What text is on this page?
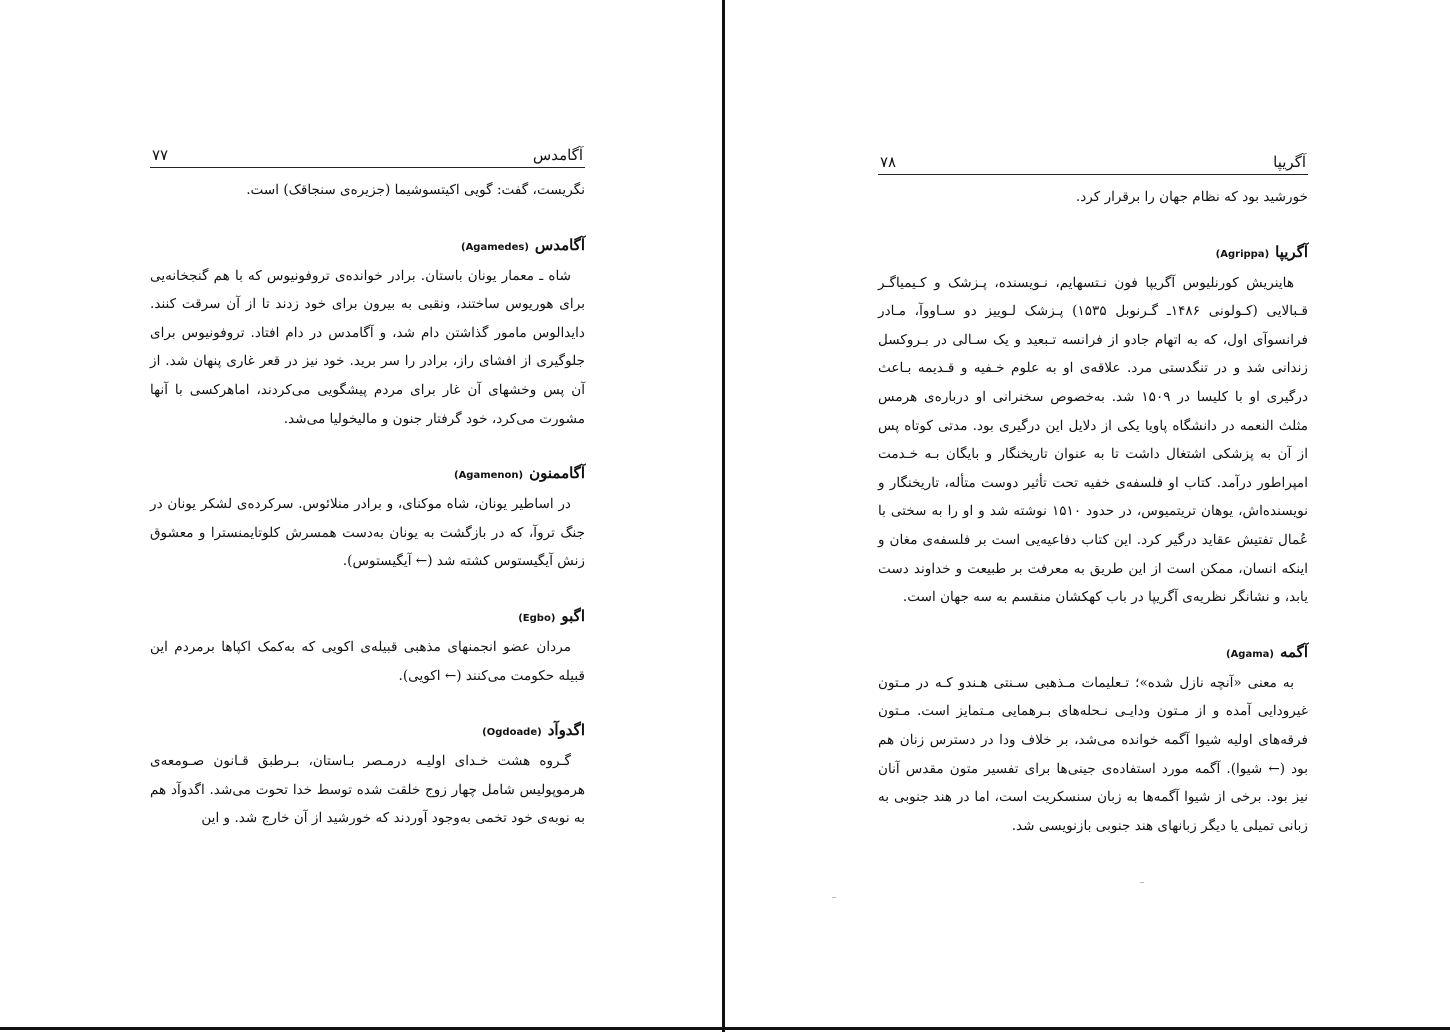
آگامدس
۷۷

نگریست، گفت: گویی اکیتسوشیما (جزیره‌ی سنجاقک) است.

آگامدس(Agamedes)

شاه ـ معمار یونان باستان. برادر خوانده‌ی تروفونیوس که با هم گنجخانه‌یی برای هوریوس ساختند، ونقبی به بیرون برای خود زدند تا از آن سرقت کنند. دایدالوس مامور گذاشتن دام شد، و آگامدس در دام افتاد. تروفونیوس برای جلوگیری از افشای راز، برادر را سر برید. خود نیز در قعر غاری پنهان شد. از آن پس وخشهای آن غار برای مردم پیشگویی می‌کردند، اماهرکسی با آنها مشورت می‌کرد، خود گرفتار جنون و مالیخولیا می‌شد.

آگاممنون(Agamenon)

در اساطیر یونان، شاه موکنای، و برادر منلائوس. سرکرده‌ی لشکر یونان در جنگ تروآ، که در بازگشت به یونان به‌دست همسرش کلوتایمنسترا و معشوق زنش آیگیستوس کشته شد (← آیگیستوس).

اگبو(Egbo)

مردان عضو انجمنهای مذهبی قبیله‌ی اکویی که به‌کمک اکپاها برمردم این قبیله حکومت می‌کنند (← اکویی).

اگدوآد(Ogdoade)

گـروه هشت خـدای اولیـه درمـصر بـاستان، بـرطبق قـانون صـومعه‌ی هرموپولیس شامل چهار زوج خلقت شده توسط خدا تحوت می‌شد. اگدوآد هم به نوبه‌ی خود تخمی به‌وجود آوردند که خورشید از آن خارج شد. و این

آگریپا
۷۸

خورشید بود که نظام جهان را برقرار کرد.

آگریپا(Agrippa)

هاینریش کورنلیوس آگریپا فون نـتسهایم، نـویسنده، پـزشک و کـیمیاگـر قـبالایی (کـولونی ۱۴۸۶ـ گـرنوبل ۱۵۳۵) پـزشک لـوییز دو سـاووآ، مـادر فرانسوآی اول، که به اتهام جادو از فرانسه تـبعید و یک سـالی در بـروکسل زندانی شد و در تنگدستی مرد. علاقه‌ی او به علوم خـفیه و قـدیمه بـاعث درگیری او با کلیسا در ۱۵۰۹ شد. به‌خصوص سخنرانی او درباره‌ی هرمس مثلث النعمه در دانشگاه پاویا یکی از دلایل این درگیری بود. مدتی کوتاه پس از آن به پزشکی اشتغال داشت تا به عنوان تاریخنگار و بایگان بـه خـدمت امپراطور درآمد. کتاب او فلسفه‌ی خفیه تحت تأثیر دوست متأله، تاریخنگار و نویسنده‌اش، یوهان تریتمیوس، در حدود ۱۵۱۰ نوشته شد و او را به سختی با عُمال تفتیش عقاید درگیر کرد. این کتاب دفاعیه‌یی است بر فلسفه‌ی مغان و اینکه انسان، ممکن است از این طریق به معرفت بر طبیعت و خداوند دست یابد، و نشانگر نظریه‌ی آگریپا در باب کهکشان منقسم به سه جهان است.

آگمه(Agama)

به معنی «آنچه نازل شده»؛ تـعلیمات مـذهبی سـنتی هـندو کـه در مـتون غیرودایی آمده و از مـتون ودایـی نـحله‌های بـرهمایی مـتمایز است. مـتون فرقه‌های اولیه شیوا آگمه خوانده می‌شد، بر خلاف ودا در دسترس زنان هم بود (← شیوا). آگمه مورد استفاده‌ی جینی‌ها برای تفسیر متون مقدس آنان نیز بود. برخی از شیوا آگمه‌ها به زبان سنسکریت است، اما در هند جنوبی به زبانی تمیلی یا دیگر زبانهای هند جنوبی بازنویسی شد.
